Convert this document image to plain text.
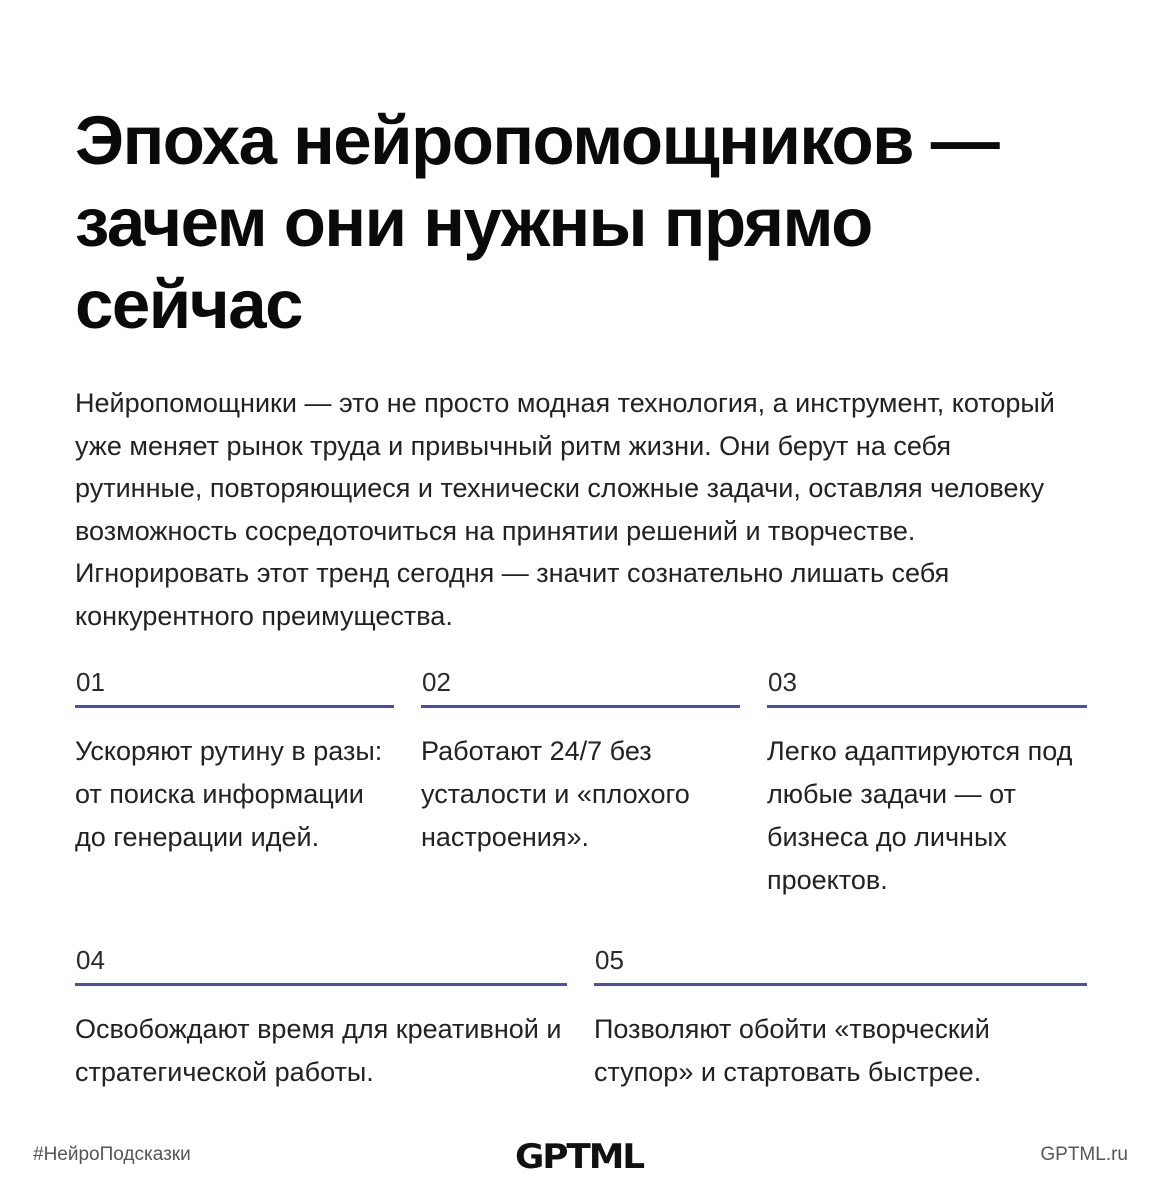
Эпоха нейропомощников —
зачем они нужны прямо
сейчас

Нейропомощники — это не просто модная технология, а инструмент, который уже меняет рынок труда и привычный ритм жизни. Они берут на себя рутинные, повторяющиеся и технически сложные задачи, оставляя человеку возможность сосредоточиться на принятии решений и творчестве. Игнорировать этот тренд сегодня — значит сознательно лишать себя конкурентного преимущества.

01
Ускоряют рутину в разы: от поиска информации до генерации идей.
02
Работают 24/7 без усталости и «плохого настроения».
03
Легко адаптируются под любые задачи — от бизнеса до личных проектов.
04
Освобождают время для креативной и стратегической работы.
05
Позволяют обойти «творческий ступор» и стартовать быстрее.
#НейроПодсказки	GPTML	GPTML.ru
